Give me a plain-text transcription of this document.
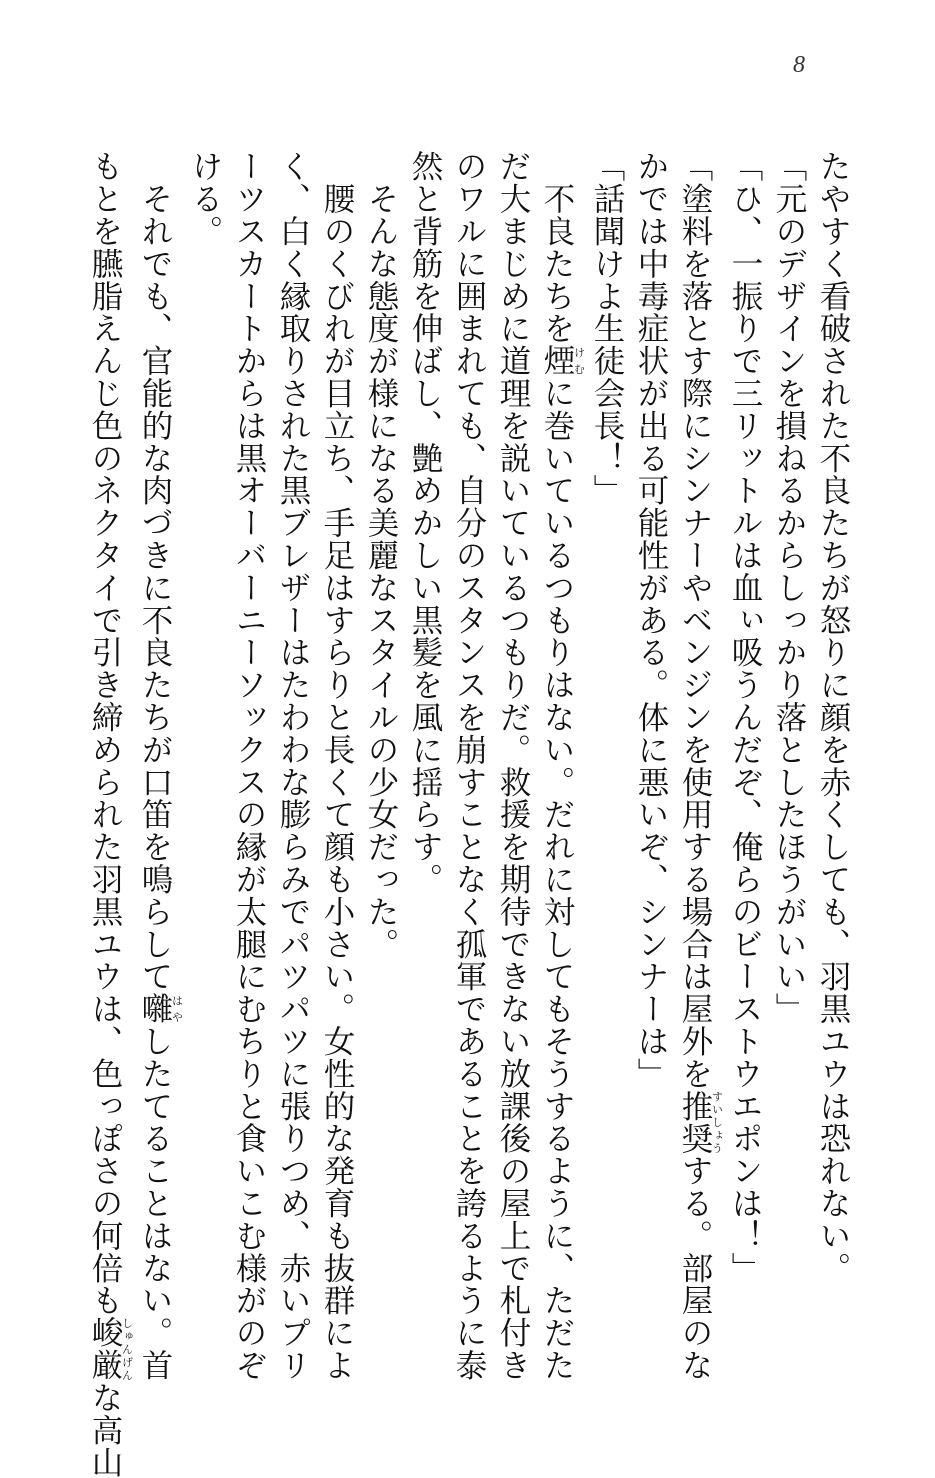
8
たやすく看破された不良たちが怒りに顔を赤くしても、羽黒ユウは恐れない。
「元のデザインを損ねるからしっかり落としたほうがいい」
「ひ、一振りで三リットルは血ぃ吸うんだぞ、俺らのビーストウエポンは！」
「塗料を落とす際にシンナーやベンジンを使用する場合は屋外を推奨すいしょうする。部屋のな
かでは中毒症状が出る可能性がある。体に悪いぞ、シンナーは」
「話聞けよ生徒会長！」
　不良たちを煙けむに巻いているつもりはない。だれに対してもそうするように、ただた
だ大まじめに道理を説いているつもりだ。救援を期待できない放課後の屋上で札付き
のワルに囲まれても、自分のスタンスを崩すことなく孤軍であることを誇るように泰
然と背筋を伸ばし、艶めかしい黒髪を風に揺らす。
　そんな態度が様になる美麗なスタイルの少女だった。
　腰のくびれが目立ち、手足はすらりと長くて顔も小さい。女性的な発育も抜群によ
く、白く縁取りされた黒ブレザーはたわわな膨らみでパツパツに張りつめ、赤いプリ
ーツスカートからは黒オーバーニーソックスの縁が太腿にむちりと食いこむ様がのぞ
ける。
　それでも、官能的な肉づきに不良たちが口笛を鳴らして囃はやしたてることはない。首
もとを臙脂えんじ色のネクタイで引き締められた羽黒ユウは、色っぽさの何倍も峻厳しゅんげんな高山
